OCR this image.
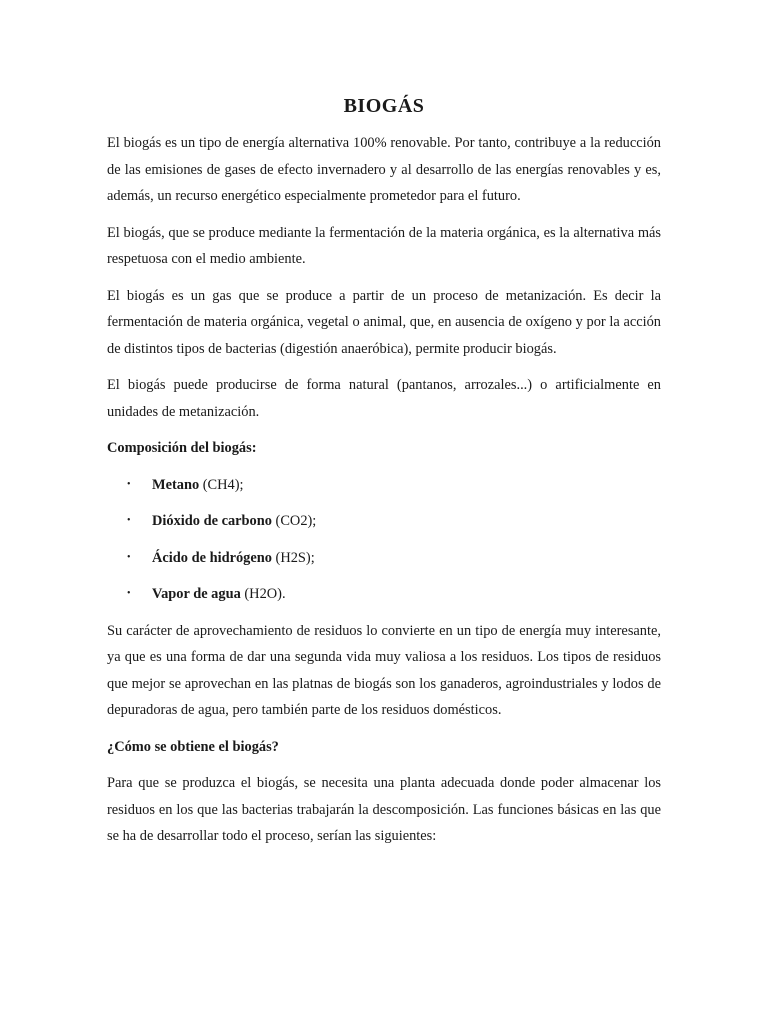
BIOGÁS

El biogás es un tipo de energía alternativa 100% renovable. Por tanto, contribuye a la reducción de las emisiones de gases de efecto invernadero y al desarrollo de las energías renovables y es, además, un recurso energético especialmente prometedor para el futuro.

El biogás, que se produce mediante la fermentación de la materia orgánica, es la alternativa más respetuosa con el medio ambiente.

El biogás es un gas que se produce a partir de un proceso de metanización. Es decir la fermentación de materia orgánica, vegetal o animal, que, en ausencia de oxígeno y por la acción de distintos tipos de bacterias (digestión anaeróbica), permite producir biogás.

El biogás puede producirse de forma natural (pantanos, arrozales...) o artificialmente en unidades de metanización.

Composición del biogás:
• Metano (CH4);
• Dióxido de carbono (CO2);
• Ácido de hidrógeno (H2S);
• Vapor de agua (H2O).

Su carácter de aprovechamiento de residuos lo convierte en un tipo de energía muy interesante, ya que es una forma de dar una segunda vida muy valiosa a los residuos. Los tipos de residuos que mejor se aprovechan en las platnas de biogás son los ganaderos, agroindustriales y lodos de depuradoras de agua, pero también parte de los residuos domésticos.

¿Cómo se obtiene el biogás?

Para que se produzca el biogás, se necesita una planta adecuada donde poder almacenar los residuos en los que las bacterias trabajarán la descomposición. Las funciones básicas en las que se ha de desarrollar todo el proceso, serían las siguientes:
